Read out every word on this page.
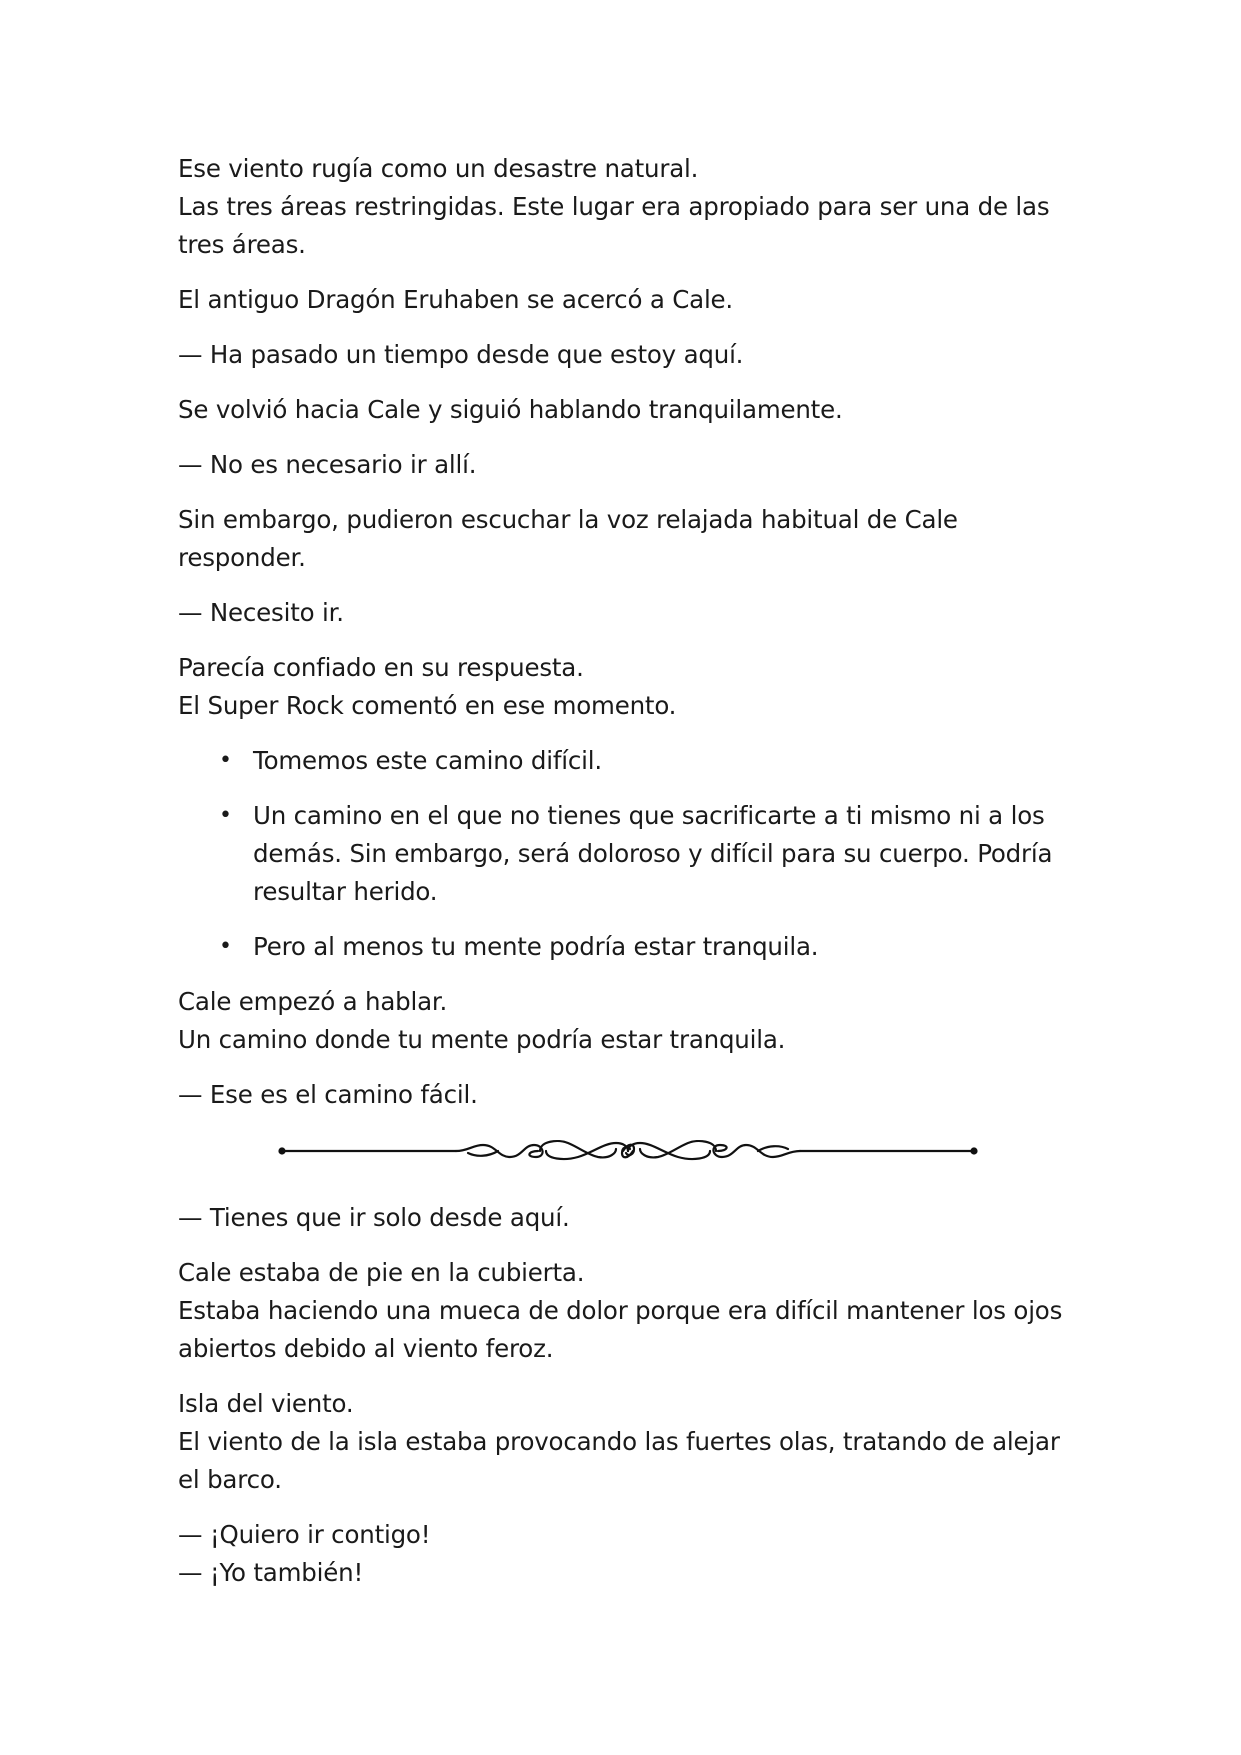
Ese viento rugía como un desastre natural.
Las tres áreas restringidas. Este lugar era apropiado para ser una de las tres áreas.

El antiguo Dragón Eruhaben se acercó a Cale.

— Ha pasado un tiempo desde que estoy aquí.

Se volvió hacia Cale y siguió hablando tranquilamente.

— No es necesario ir allí.

Sin embargo, pudieron escuchar la voz relajada habitual de Cale responder.

— Necesito ir.

Parecía confiado en su respuesta.
El Super Rock comentó en ese momento.

• Tomemos este camino difícil.
• Un camino en el que no tienes que sacrificarte a ti mismo ni a los demás. Sin embargo, será doloroso y difícil para su cuerpo. Podría resultar herido.
• Pero al menos tu mente podría estar tranquila.

Cale empezó a hablar.
Un camino donde tu mente podría estar tranquila.

— Ese es el camino fácil.

— Tienes que ir solo desde aquí.

Cale estaba de pie en la cubierta.
Estaba haciendo una mueca de dolor porque era difícil mantener los ojos abiertos debido al viento feroz.

Isla del viento.
El viento de la isla estaba provocando las fuertes olas, tratando de alejar el barco.

— ¡Quiero ir contigo!
— ¡Yo también!
